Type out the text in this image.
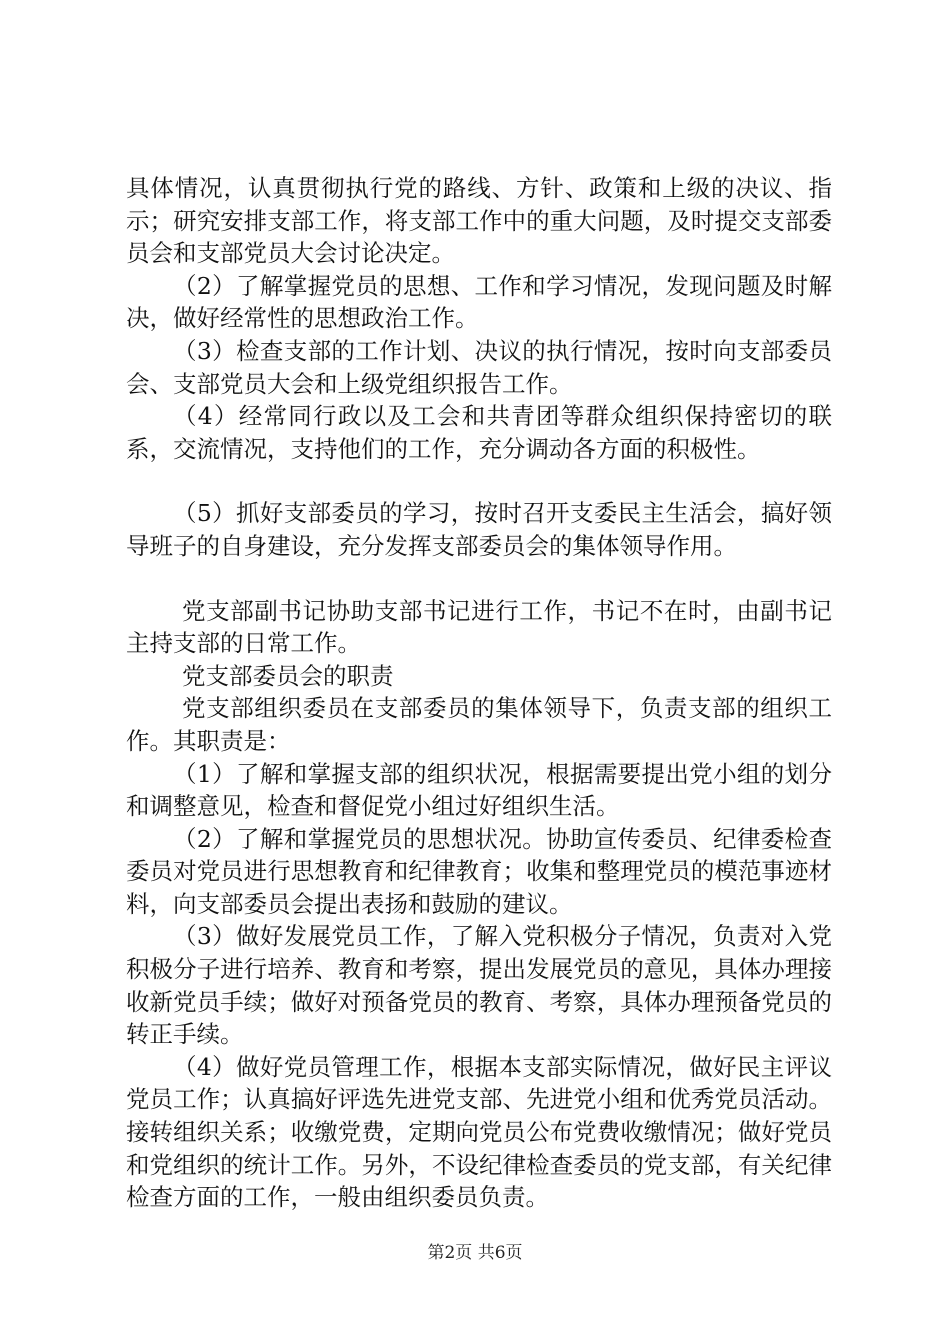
具体情况，认真贯彻执行党的路线、方针、政策和上级的决议、指示；研究安排支部工作，将支部工作中的重大问题，及时提交支部委员会和支部党员大会讨论决定。

（2）了解掌握党员的思想、工作和学习情况，发现问题及时解决，做好经常性的思想政治工作。

（3）检查支部的工作计划、决议的执行情况，按时向支部委员会、支部党员大会和上级党组织报告工作。

（4）经常同行政以及工会和共青团等群众组织保持密切的联系，交流情况，支持他们的工作，充分调动各方面的积极性。

（5）抓好支部委员的学习，按时召开支委民主生活会，搞好领导班子的自身建设，充分发挥支部委员会的集体领导作用。

党支部副书记协助支部书记进行工作，书记不在时，由副书记主持支部的日常工作。

党支部委员会的职责

党支部组织委员在支部委员的集体领导下，负责支部的组织工作。其职责是：

（1）了解和掌握支部的组织状况，根据需要提出党小组的划分和调整意见，检查和督促党小组过好组织生活。

（2）了解和掌握党员的思想状况。协助宣传委员、纪律委检查委员对党员进行思想教育和纪律教育；收集和整理党员的模范事迹材料，向支部委员会提出表扬和鼓励的建议。

（3）做好发展党员工作，了解入党积极分子情况，负责对入党积极分子进行培养、教育和考察，提出发展党员的意见，具体办理接收新党员手续；做好对预备党员的教育、考察，具体办理预备党员的转正手续。

（4）做好党员管理工作，根据本支部实际情况，做好民主评议党员工作；认真搞好评选先进党支部、先进党小组和优秀党员活动。接转组织关系；收缴党费，定期向党员公布党费收缴情况；做好党员和党组织的统计工作。另外，不设纪律检查委员的党支部，有关纪律检查方面的工作，一般由组织委员负责。

第2页 共6页
